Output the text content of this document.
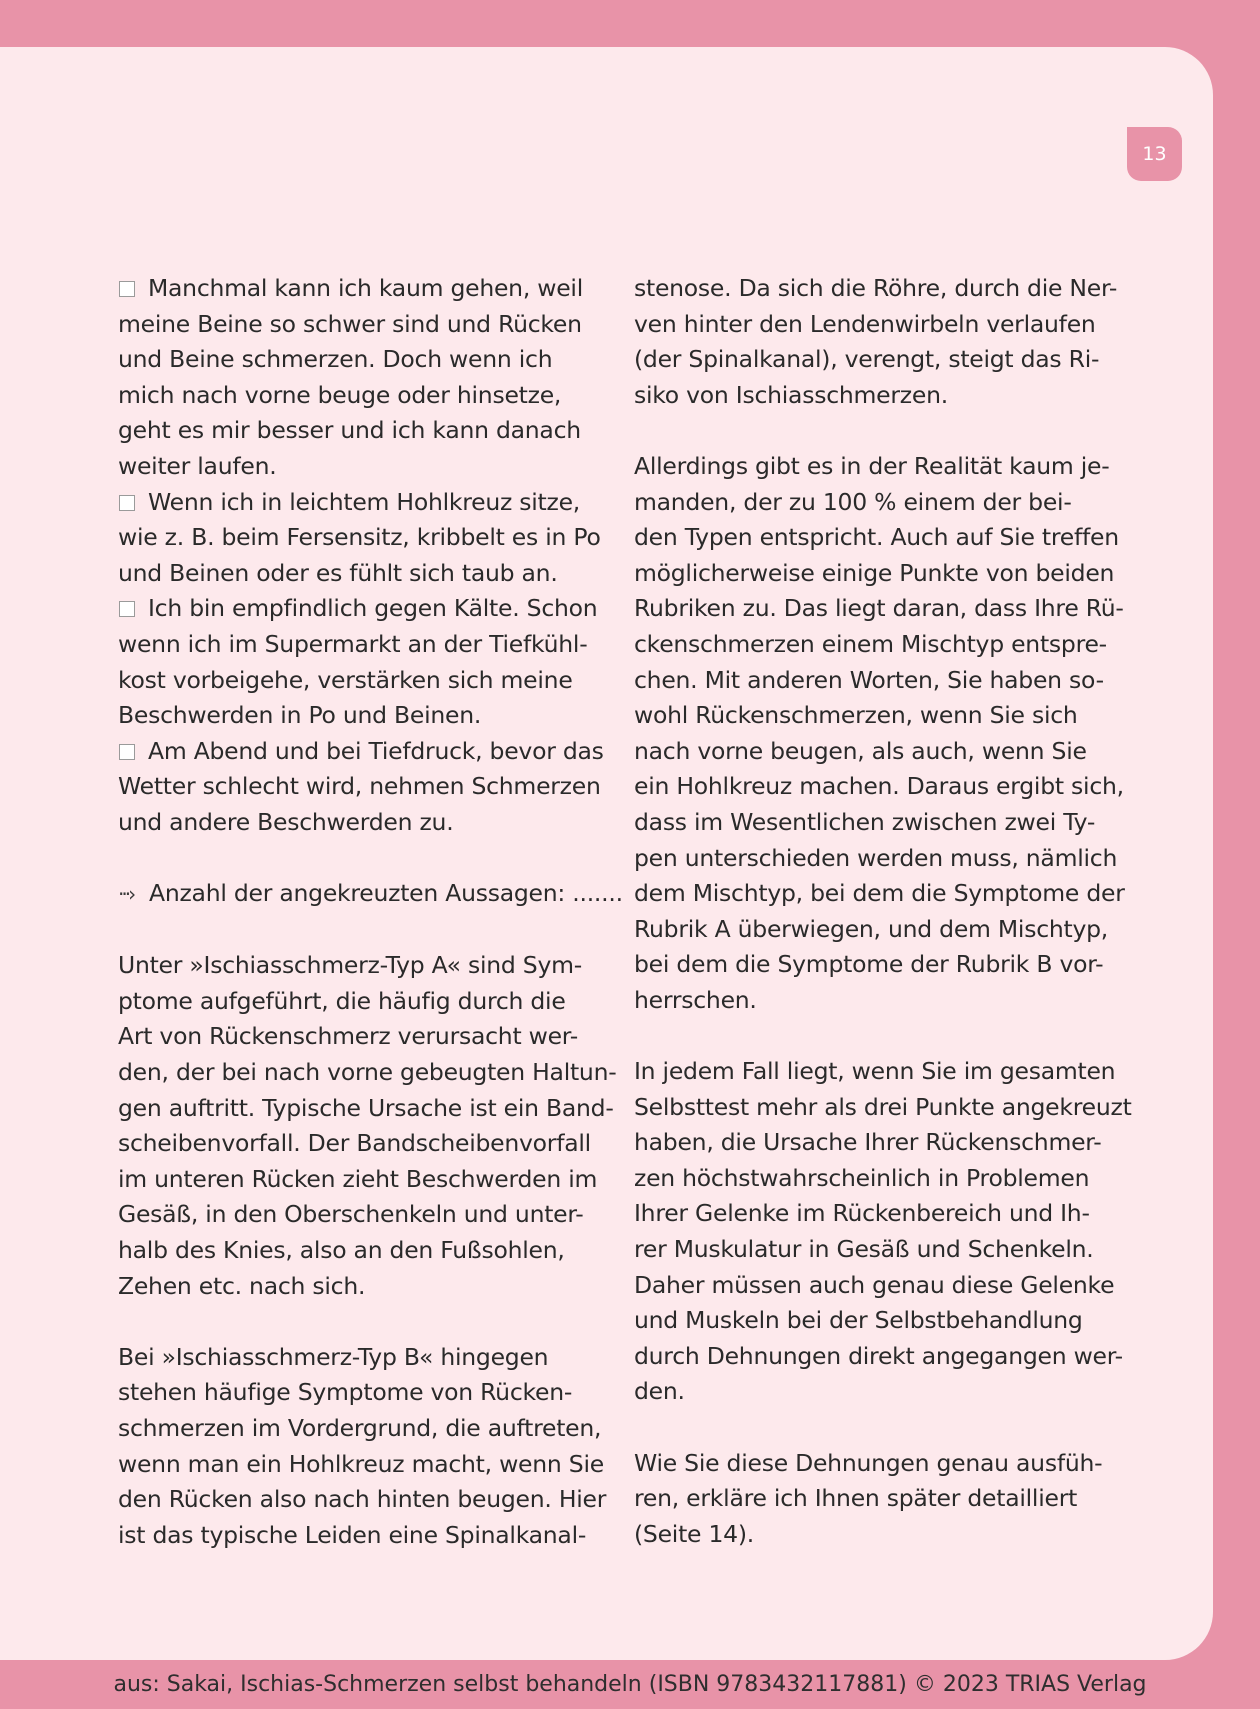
13

Manchmal kann ich kaum gehen, weil

meine Beine so schwer sind und Rücken

und Beine schmerzen. Doch wenn ich

mich nach vorne beuge oder hinsetze,

geht es mir besser und ich kann danach

weiter laufen.

Wenn ich in leichtem Hohlkreuz sitze,

wie z. B. beim Fersensitz, kribbelt es in Po

und Beinen oder es fühlt sich taub an.

Ich bin empfindlich gegen Kälte. Schon

wenn ich im Supermarkt an der Tiefkühl-

kost vorbeigehe, verstärken sich meine

Beschwerden in Po und Beinen.

Am Abend und bei Tiefdruck, bevor das

Wetter schlecht wird, nehmen Schmerzen

und andere Beschwerden zu.

···› Anzahl der angekreuzten Aussagen: .......

Unter »Ischiasschmerz-Typ A« sind Sym-

ptome aufgeführt, die häufig durch die

Art von Rückenschmerz verursacht wer-

den, der bei nach vorne gebeugten Haltun-

gen auftritt. Typische Ursache ist ein Band-

scheibenvorfall. Der Bandscheibenvorfall

im unteren Rücken zieht Beschwerden im

Gesäß, in den Oberschenkeln und unter-

halb des Knies, also an den Fußsohlen,

Zehen etc. nach sich.

Bei »Ischiasschmerz-Typ B« hingegen

stehen häufige Symptome von Rücken-

schmerzen im Vordergrund, die auftreten,

wenn man ein Hohlkreuz macht, wenn Sie

den Rücken also nach hinten beugen. Hier

ist das typische Leiden eine Spinalkanal-

stenose. Da sich die Röhre, durch die Ner-

ven hinter den Lendenwirbeln verlaufen

(der Spinalkanal), verengt, steigt das Ri-

siko von Ischiasschmerzen.

Allerdings gibt es in der Realität kaum je-

manden, der zu 100 % einem der bei-

den Typen entspricht. Auch auf Sie treffen

möglicherweise einige Punkte von beiden

Rubriken zu. Das liegt daran, dass Ihre Rü-

ckenschmerzen einem Mischtyp entspre-

chen. Mit anderen Worten, Sie haben so-

wohl Rückenschmerzen, wenn Sie sich

nach vorne beugen, als auch, wenn Sie

ein Hohlkreuz machen. Daraus ergibt sich,

dass im Wesentlichen zwischen zwei Ty-

pen unterschieden werden muss, nämlich

dem Mischtyp, bei dem die Symptome der

Rubrik A überwiegen, und dem Mischtyp,

bei dem die Symptome der Rubrik B vor-

herrschen.

In jedem Fall liegt, wenn Sie im gesamten

Selbsttest mehr als drei Punkte angekreuzt

haben, die Ursache Ihrer Rückenschmer-

zen höchstwahrscheinlich in Problemen

Ihrer Gelenke im Rückenbereich und Ih-

rer Muskulatur in Gesäß und Schenkeln.

Daher müssen auch genau diese Gelenke

und Muskeln bei der Selbstbehandlung

durch Dehnungen direkt angegangen wer-

den.

Wie Sie diese Dehnungen genau ausfüh-

ren, erkläre ich Ihnen später detailliert

(Seite 14).

aus: Sakai, Ischias-Schmerzen selbst behandeln (ISBN 9783432117881) © 2023 TRIAS Verlag
